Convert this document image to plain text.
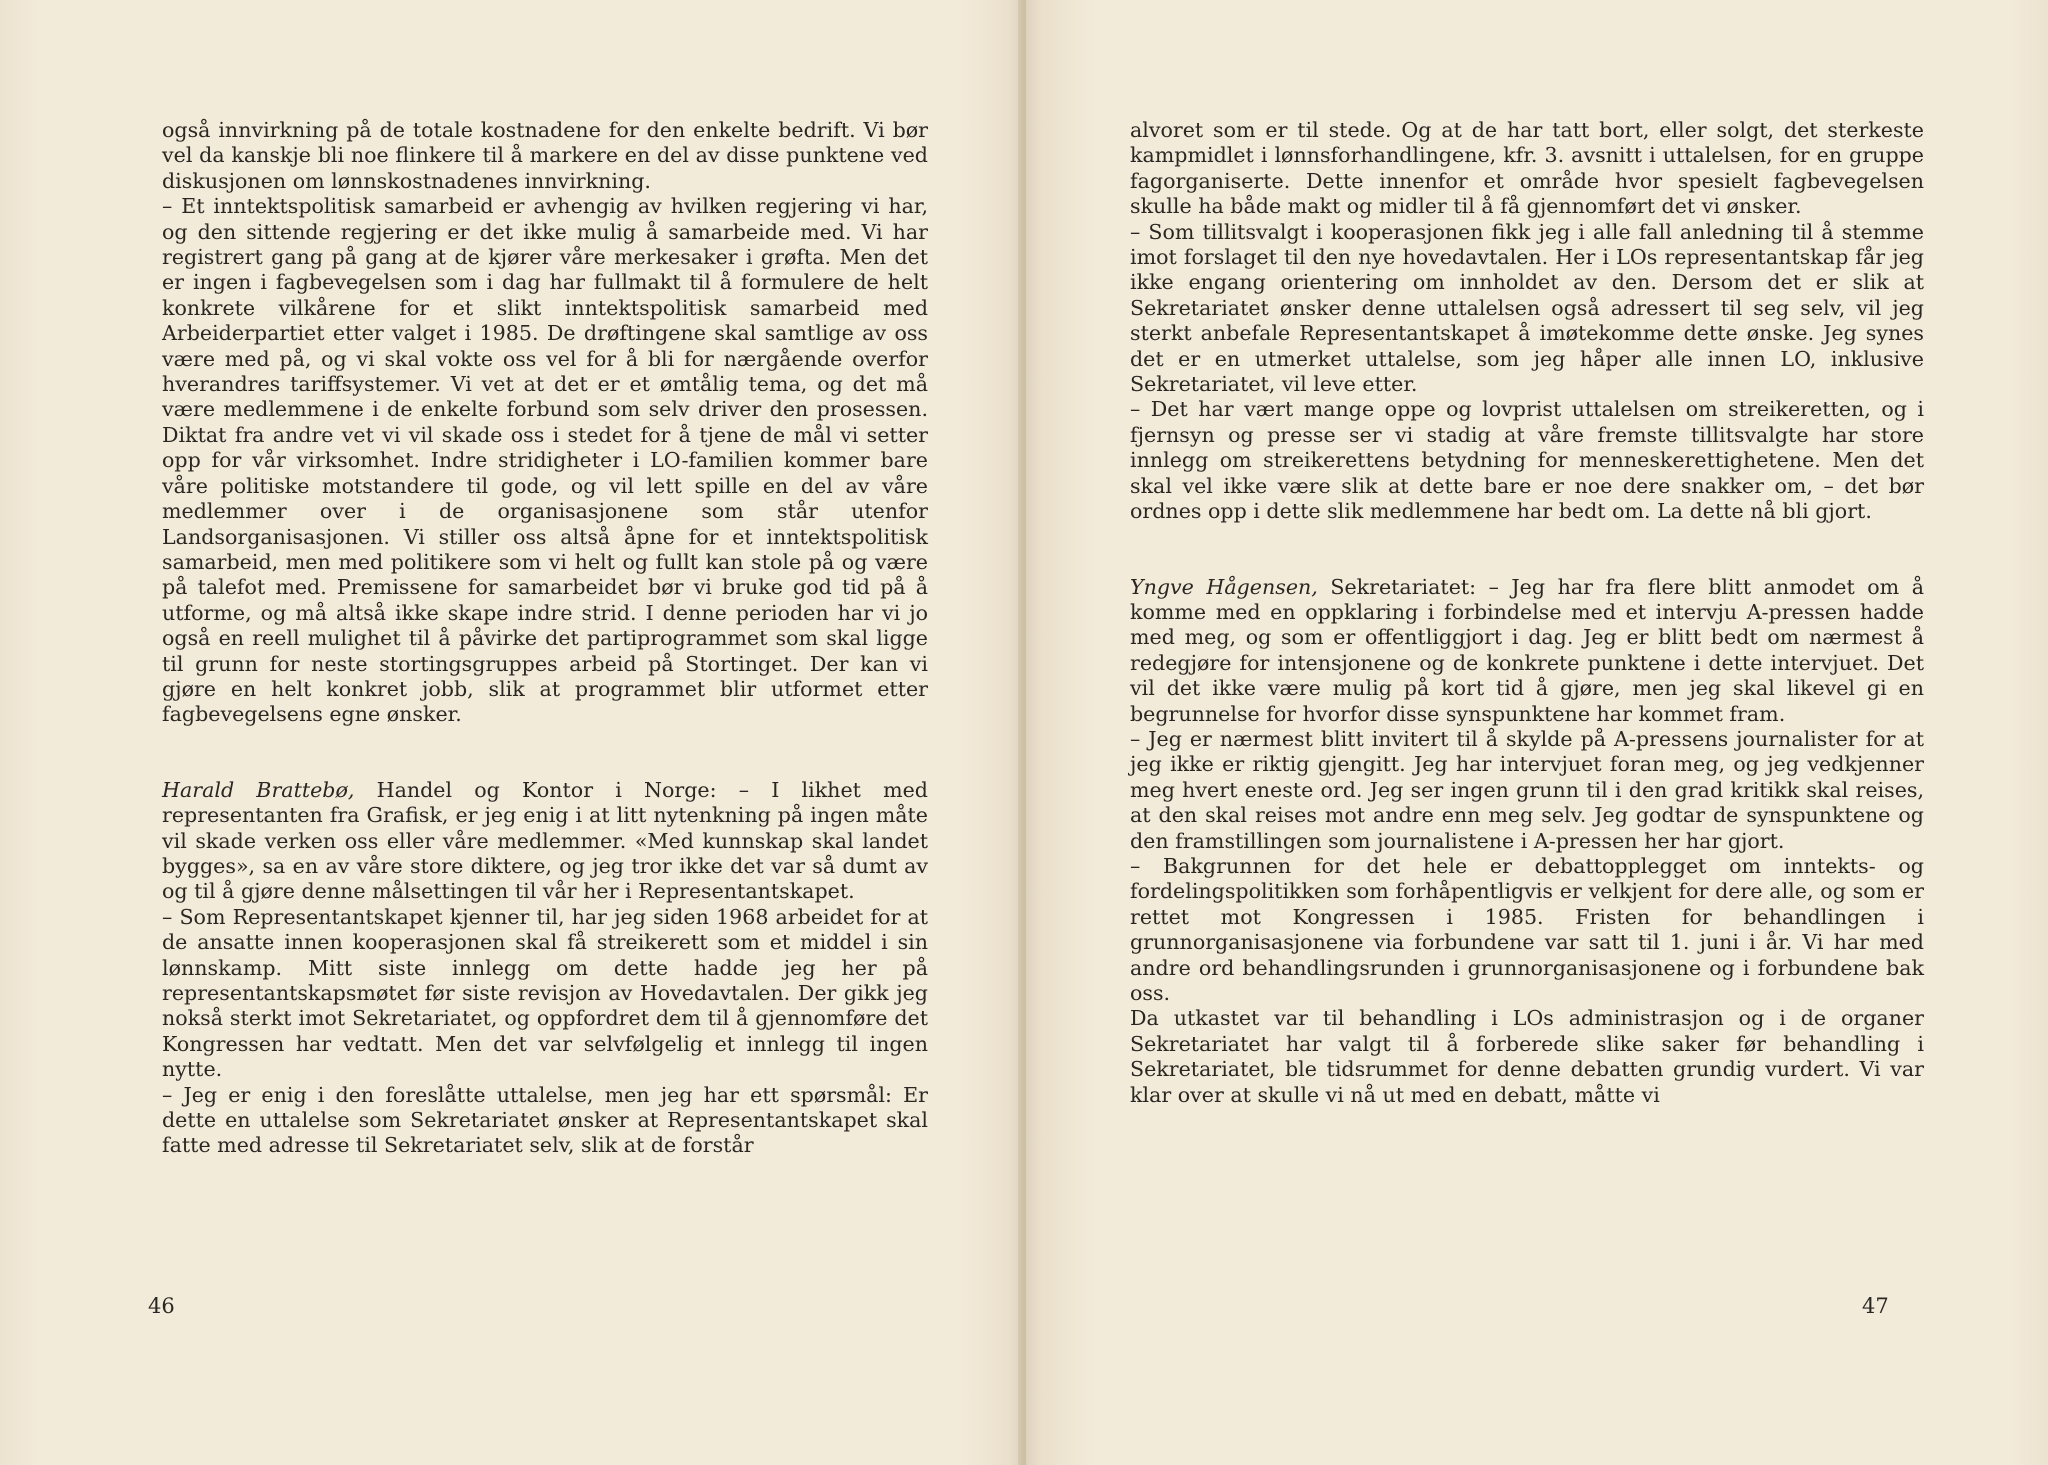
også innvirkning på de totale kostnadene for den enkelte bedrift. Vi bør vel da kanskje bli noe flinkere til å markere en del av disse punktene ved diskusjonen om lønnskostnadenes innvirkning.

– Et inntektspolitisk samarbeid er avhengig av hvilken regjering vi har, og den sittende regjering er det ikke mulig å samarbeide med. Vi har registrert gang på gang at de kjører våre merkesaker i grøfta. Men det er ingen i fagbevegelsen som i dag har fullmakt til å formulere de helt konkrete vilkårene for et slikt inntektspolitisk samarbeid med Arbeiderpartiet etter valget i 1985. De drøftingene skal samtlige av oss være med på, og vi skal vokte oss vel for å bli for nærgående overfor hverandres tariffsystemer. Vi vet at det er et ømtålig tema, og det må være medlemmene i de enkelte forbund som selv driver den prosessen. Diktat fra andre vet vi vil skade oss i stedet for å tjene de mål vi setter opp for vår virksomhet. Indre stridigheter i LO-familien kommer bare våre politiske motstandere til gode, og vil lett spille en del av våre medlemmer over i de organisasjonene som står utenfor Landsorganisasjonen. Vi stiller oss altså åpne for et inntektspolitisk samarbeid, men med politikere som vi helt og fullt kan stole på og være på talefot med. Premissene for samarbeidet bør vi bruke god tid på å utforme, og må altså ikke skape indre strid. I denne perioden har vi jo også en reell mulighet til å påvirke det partiprogrammet som skal ligge til grunn for neste stortingsgruppes arbeid på Stortinget. Der kan vi gjøre en helt konkret jobb, slik at programmet blir utformet etter fagbevegelsens egne ønsker.

Harald Brattebø, Handel og Kontor i Norge: – I likhet med representanten fra Grafisk, er jeg enig i at litt nytenkning på ingen måte vil skade verken oss eller våre medlemmer. «Med kunnskap skal landet bygges», sa en av våre store diktere, og jeg tror ikke det var så dumt av og til å gjøre denne målsettingen til vår her i Representantskapet.

– Som Representantskapet kjenner til, har jeg siden 1968 arbeidet for at de ansatte innen kooperasjonen skal få streikerett som et middel i sin lønnskamp. Mitt siste innlegg om dette hadde jeg her på representantskapsmøtet før siste revisjon av Hovedavtalen. Der gikk jeg nokså sterkt imot Sekretariatet, og oppfordret dem til å gjennomføre det Kongressen har vedtatt. Men det var selvfølgelig et innlegg til ingen nytte.

– Jeg er enig i den foreslåtte uttalelse, men jeg har ett spørsmål: Er dette en uttalelse som Sekretariatet ønsker at Representantskapet skal fatte med adresse til Sekretariatet selv, slik at de forstår

46

alvoret som er til stede. Og at de har tatt bort, eller solgt, det sterkeste kampmidlet i lønnsforhandlingene, kfr. 3. avsnitt i uttalelsen, for en gruppe fagorganiserte. Dette innenfor et område hvor spesielt fagbevegelsen skulle ha både makt og midler til å få gjennomført det vi ønsker.

– Som tillitsvalgt i kooperasjonen fikk jeg i alle fall anledning til å stemme imot forslaget til den nye hovedavtalen. Her i LOs representantskap får jeg ikke engang orientering om innholdet av den. Dersom det er slik at Sekretariatet ønsker denne uttalelsen også adressert til seg selv, vil jeg sterkt anbefale Representantskapet å imøtekomme dette ønske. Jeg synes det er en utmerket uttalelse, som jeg håper alle innen LO, inklusive Sekretariatet, vil leve etter.

– Det har vært mange oppe og lovprist uttalelsen om streikeretten, og i fjernsyn og presse ser vi stadig at våre fremste tillitsvalgte har store innlegg om streikerettens betydning for menneskerettighetene. Men det skal vel ikke være slik at dette bare er noe dere snakker om, – det bør ordnes opp i dette slik medlemmene har bedt om. La dette nå bli gjort.

Yngve Hågensen, Sekretariatet: – Jeg har fra flere blitt anmodet om å komme med en oppklaring i forbindelse med et intervju A-pressen hadde med meg, og som er offentliggjort i dag. Jeg er blitt bedt om nærmest å redegjøre for intensjonene og de konkrete punktene i dette intervjuet. Det vil det ikke være mulig på kort tid å gjøre, men jeg skal likevel gi en begrunnelse for hvorfor disse synspunktene har kommet fram.

– Jeg er nærmest blitt invitert til å skylde på A-pressens journalister for at jeg ikke er riktig gjengitt. Jeg har intervjuet foran meg, og jeg vedkjenner meg hvert eneste ord. Jeg ser ingen grunn til i den grad kritikk skal reises, at den skal reises mot andre enn meg selv. Jeg godtar de synspunktene og den framstillingen som journalistene i A-pressen her har gjort.

– Bakgrunnen for det hele er debattopplegget om inntekts- og fordelingspolitikken som forhåpentligvis er velkjent for dere alle, og som er rettet mot Kongressen i 1985. Fristen for behandlingen i grunnorganisasjonene via forbundene var satt til 1. juni i år. Vi har med andre ord behandlingsrunden i grunnorganisasjonene og i forbundene bak oss.

Da utkastet var til behandling i LOs administrasjon og i de organer Sekretariatet har valgt til å forberede slike saker før behandling i Sekretariatet, ble tidsrummet for denne debatten grundig vurdert. Vi var klar over at skulle vi nå ut med en debatt, måtte vi

47
